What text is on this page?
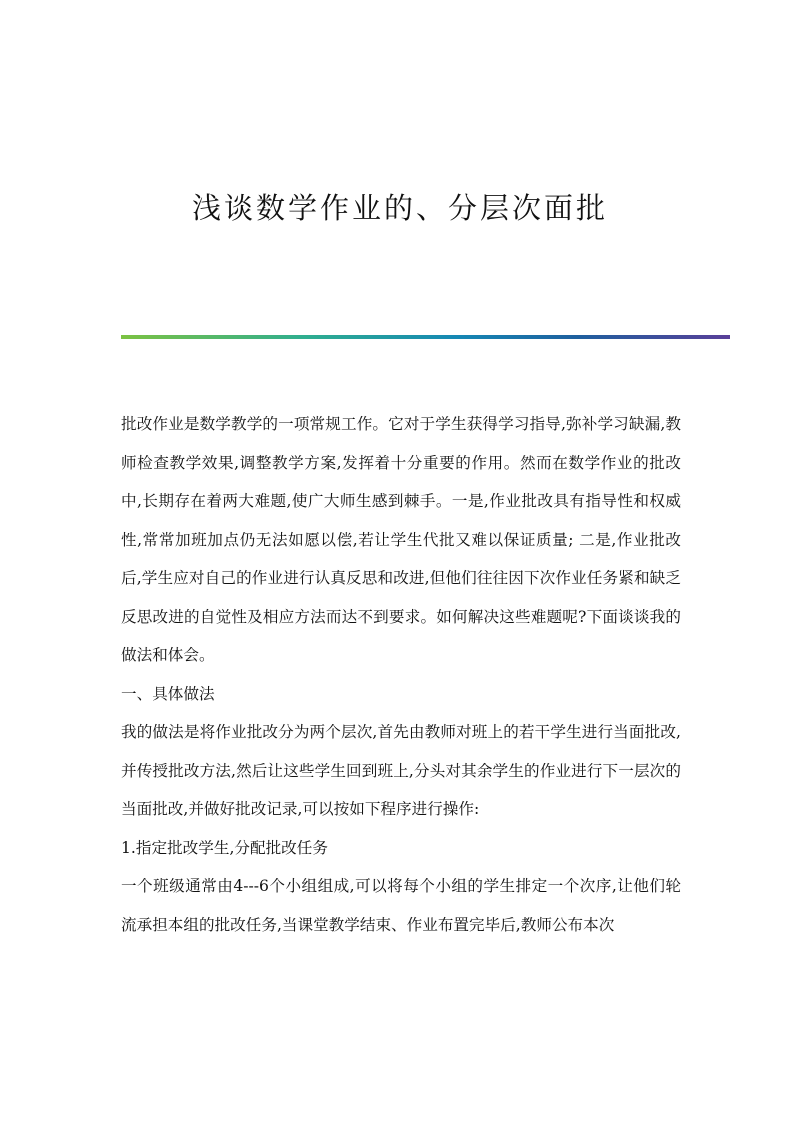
浅谈数学作业的、分层次面批

批改作业是数学教学的一项常规工作。它对于学生获得学习指导,弥补学习缺漏,教师检查教学效果,调整教学方案,发挥着十分重要的作用。然而在数学作业的批改中,长期存在着两大难题,使广大师生感到棘手。一是,作业批改具有指导性和权威性,常常加班加点仍无法如愿以偿,若让学生代批又难以保证质量; 二是,作业批改后,学生应对自己的作业进行认真反思和改进,但他们往往因下次作业任务紧和缺乏反思改进的自觉性及相应方法而达不到要求。如何解决这些难题呢?下面谈谈我的做法和体会。

一、具体做法

我的做法是将作业批改分为两个层次,首先由教师对班上的若干学生进行当面批改,并传授批改方法,然后让这些学生回到班上,分头对其余学生的作业进行下一层次的当面批改,并做好批改记录,可以按如下程序进行操作:

1.指定批改学生,分配批改任务

一个班级通常由4---6个小组组成,可以将每个小组的学生排定一个次序,让他们轮流承担本组的批改任务,当课堂教学结束、作业布置完毕后,教师公布本次
